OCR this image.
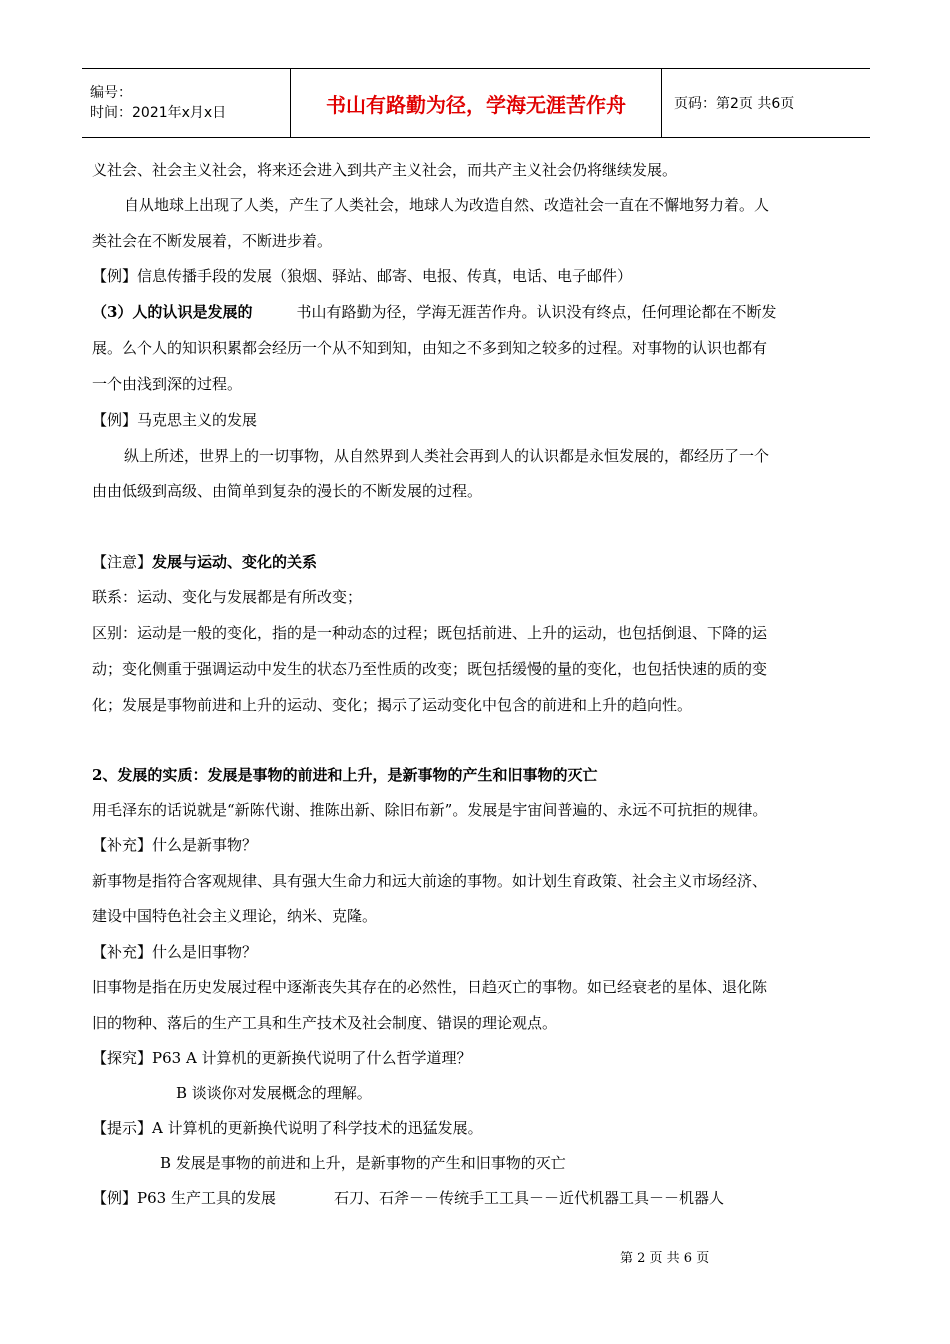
编号：
时间：2021年x月x日	书山有路勤为径，学海无涯苦作舟	页码：第2页 共6页
义社会、社会主义社会，将来还会进入到共产主义社会，而共产主义社会仍将继续发展。
自从地球上出现了人类，产生了人类社会，地球人为改造自然、改造社会一直在不懈地努力着。人
类社会在不断发展着，不断进步着。
【例】信息传播手段的发展（狼烟、驿站、邮寄、电报、传真，电话、电子邮件）
（3）人的认识是发展的	书山有路勤为径，学海无涯苦作舟。认识没有终点，任何理论都在不断发
展。么个人的知识积累都会经历一个从不知到知，由知之不多到知之较多的过程。对事物的认识也都有
一个由浅到深的过程。
【例】马克思主义的发展
纵上所述，世界上的一切事物，从自然界到人类社会再到人的认识都是永恒发展的，都经历了一个
由由低级到高级、由简单到复杂的漫长的不断发展的过程。
【注意】发展与运动、变化的关系
联系：运动、变化与发展都是有所改变；
区别：运动是一般的变化，指的是一种动态的过程；既包括前进、上升的运动，也包括倒退、下降的运
动；变化侧重于强调运动中发生的状态乃至性质的改变；既包括缓慢的量的变化，也包括快速的质的变
化；发展是事物前进和上升的运动、变化；揭示了运动变化中包含的前进和上升的趋向性。
2、发展的实质：发展是事物的前进和上升，是新事物的产生和旧事物的灭亡
用毛泽东的话说就是“新陈代谢、推陈出新、除旧布新”。发展是宇宙间普遍的、永远不可抗拒的规律。
【补充】什么是新事物？
新事物是指符合客观规律、具有强大生命力和远大前途的事物。如计划生育政策、社会主义市场经济、
建设中国特色社会主义理论，纳米、克隆。
【补充】什么是旧事物？
旧事物是指在历史发展过程中逐渐丧失其存在的必然性，日趋灭亡的事物。如已经衰老的星体、退化陈
旧的物种、落后的生产工具和生产技术及社会制度、错误的理论观点。
【探究】P63 A 计算机的更新换代说明了什么哲学道理？
B 谈谈你对发展概念的理解。
【提示】A 计算机的更新换代说明了科学技术的迅猛发展。
B 发展是事物的前进和上升，是新事物的产生和旧事物的灭亡
【例】P63 生产工具的发展	石刀、石斧－－传统手工工具－－近代机器工具－－机器人
第 2 页 共 6 页
